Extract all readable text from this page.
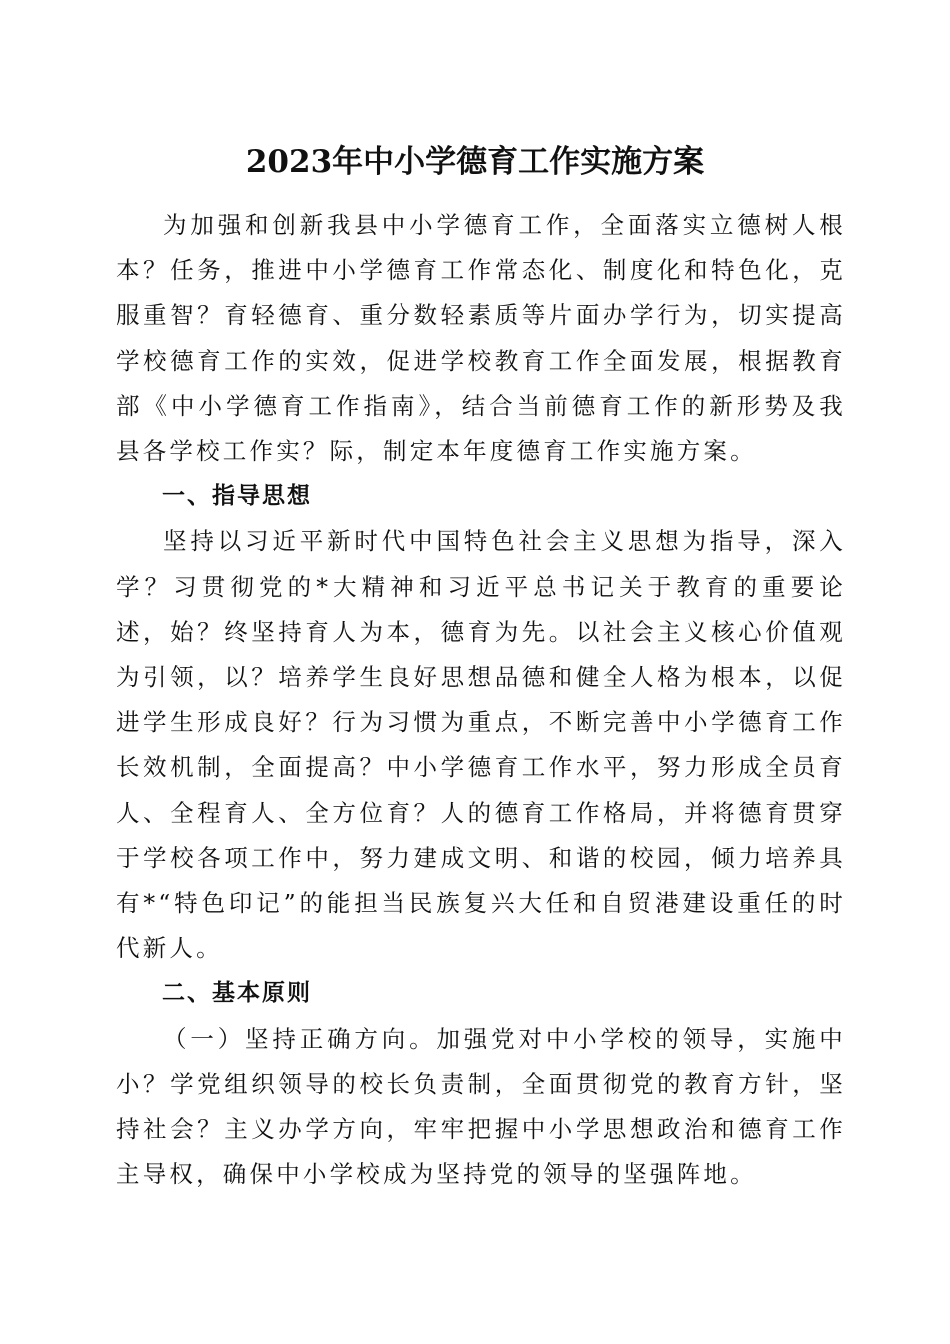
2023年中小学德育工作实施方案

为加强和创新我县中小学德育工作，全面落实立德树人根本？任务，推进中小学德育工作常态化、制度化和特色化，克服重智？育轻德育、重分数轻素质等片面办学行为，切实提高学校德育工作的实效，促进学校教育工作全面发展，根据教育部《中小学德育工作指南》，结合当前德育工作的新形势及我县各学校工作实？际，制定本年度德育工作实施方案。

一、指导思想

坚持以习近平新时代中国特色社会主义思想为指导，深入学？习贯彻党的*大精神和习近平总书记关于教育的重要论述，始？终坚持育人为本，德育为先。以社会主义核心价值观为引领，以？培养学生良好思想品德和健全人格为根本，以促进学生形成良好？行为习惯为重点，不断完善中小学德育工作长效机制，全面提高？中小学德育工作水平，努力形成全员育人、全程育人、全方位育？人的德育工作格局，并将德育贯穿于学校各项工作中，努力建成文明、和谐的校园，倾力培养具有*“特色印记”的能担当民族复兴大任和自贸港建设重任的时代新人。

二、基本原则

（一）坚持正确方向。加强党对中小学校的领导，实施中小？学党组织领导的校长负责制，全面贯彻党的教育方针，坚持社会？主义办学方向，牢牢把握中小学思想政治和德育工作主导权，确保中小学校成为坚持党的领导的坚强阵地。
